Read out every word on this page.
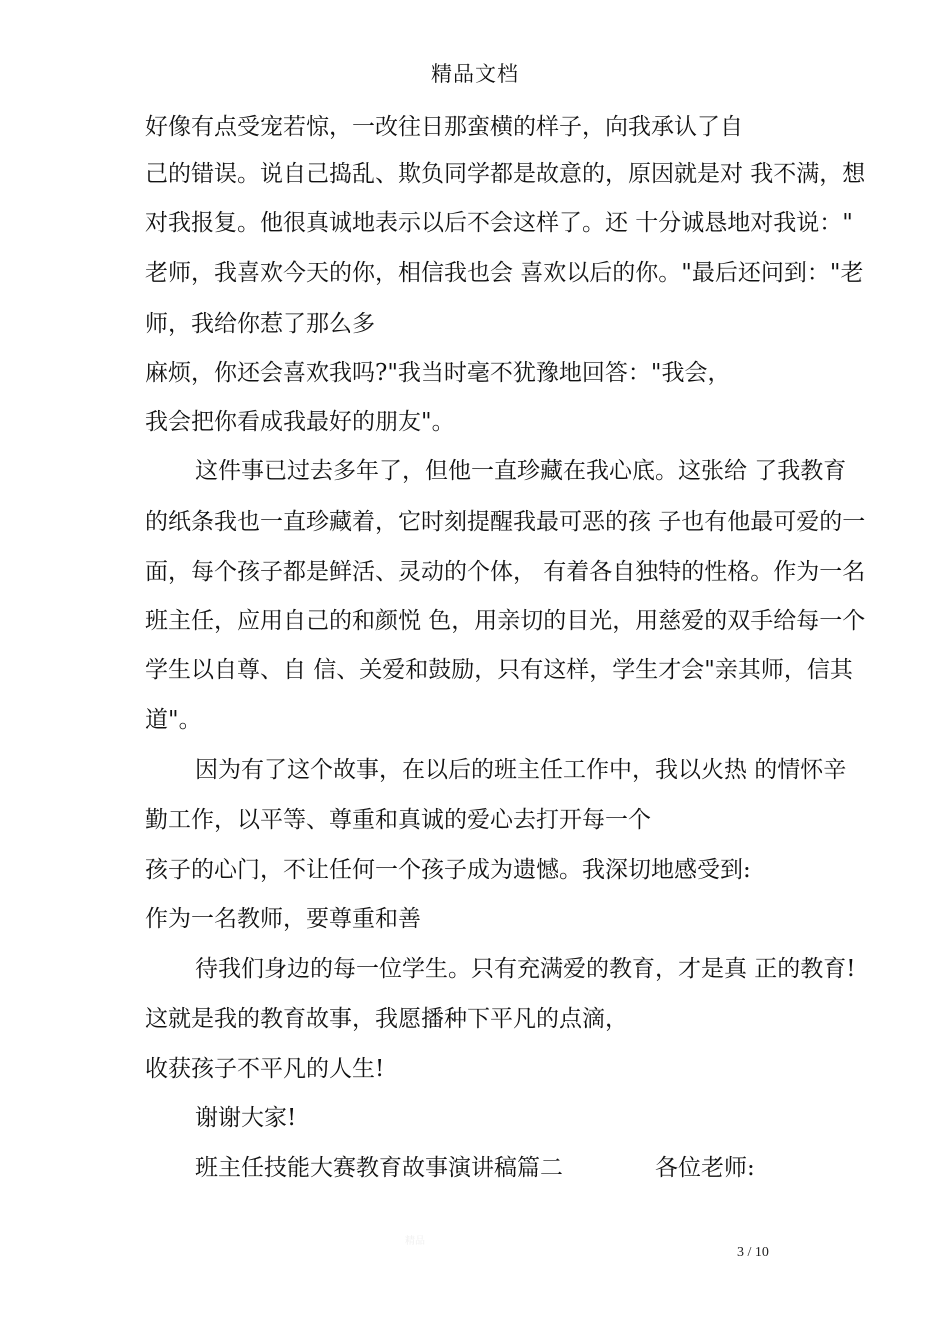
精品文档
好像有点受宠若惊，一改往日那蛮横的样子，向我承认了自
己的错误。说自己捣乱、欺负同学都是故意的，原因就是对 我不满，想
对我报复。他很真诚地表示以后不会这样了。还 十分诚恳地对我说："
老师，我喜欢今天的你，相信我也会 喜欢以后的你。"最后还问到："老
师，我给你惹了那么多
麻烦，你还会喜欢我吗?"我当时毫不犹豫地回答："我会，
我会把你看成我最好的朋友"。
这件事已过去多年了，但他一直珍藏在我心底。这张给 了我教育
的纸条我也一直珍藏着，它时刻提醒我最可恶的孩 子也有他最可爱的一
面，每个孩子都是鲜活、灵动的个体， 有着各自独特的性格。作为一名
班主任，应用自己的和颜悦 色，用亲切的目光，用慈爱的双手给每一个
学生以自尊、自 信、关爱和鼓励，只有这样，学生才会"亲其师，信其
道"。
因为有了这个故事，在以后的班主任工作中，我以火热 的情怀辛
勤工作，以平等、尊重和真诚的爱心去打开每一个
孩子的心门，不让任何一个孩子成为遗憾。我深切地感受到:
作为一名教师，要尊重和善
待我们身边的每一位学生。只有充满爱的教育，才是真 正的教育!
这就是我的教育故事，我愿播种下平凡的点滴，
收获孩子不平凡的人生!
谢谢大家!
班主任技能大赛教育故事演讲稿篇二	各位老师:
精品
3 / 10
